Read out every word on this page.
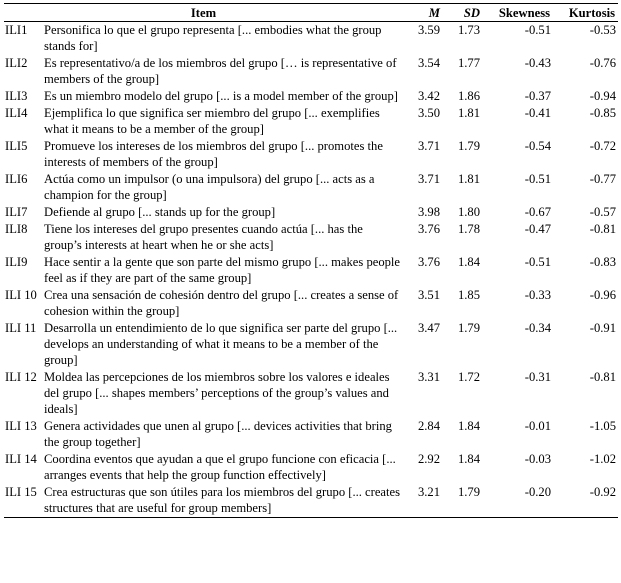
Item		M	SD	Skewness	Kurtosis
ILI1	Personifica lo que el grupo representa [... embodies what the group stands for]	3.59	1.73	-0.51	-0.53
ILI2	Es representativo/a de los miembros del grupo [… is representative of members of the group]	3.54	1.77	-0.43	-0.76
ILI3	Es un miembro modelo del grupo [... is a model member of the group]	3.42	1.86	-0.37	-0.94
ILI4	Ejemplifica lo que significa ser miembro del grupo [... exemplifies what it means to be a member of the group]	3.50	1.81	-0.41	-0.85
ILI5	Promueve los intereses de los miembros del grupo [... promotes the interests of members of the group]	3.71	1.79	-0.54	-0.72
ILI6	Actúa como un impulsor (o una impulsora) del grupo [... acts as a champion for the group]	3.71	1.81	-0.51	-0.77
ILI7	Defiende al grupo [... stands up for the group]	3.98	1.80	-0.67	-0.57
ILI8	Tiene los intereses del grupo presentes cuando actúa [... has the group’s interests at heart when he or she acts]	3.76	1.78	-0.47	-0.81
ILI9	Hace sentir a la gente que son parte del mismo grupo [... makes people feel as if they are part of the same group]	3.76	1.84	-0.51	-0.83
ILI 10	Crea una sensación de cohesión dentro del grupo [... creates a sense of cohesion within the group]	3.51	1.85	-0.33	-0.96
ILI 11	Desarrolla un entendimiento de lo que significa ser parte del grupo [... develops an understanding of what it means to be a member of the group]	3.47	1.79	-0.34	-0.91
ILI 12	Moldea las percepciones de los miembros sobre los valores e ideales del grupo [... shapes members’ perceptions of the group’s values and ideals]	3.31	1.72	-0.31	-0.81
ILI 13	Genera actividades que unen al grupo [... devices activities that bring the group together]	2.84	1.84	-0.01	-1.05
ILI 14	Coordina eventos que ayudan a que el grupo funcione con eficacia [... arranges events that help the group function effectively]	2.92	1.84	-0.03	-1.02
ILI 15	Crea estructuras que son útiles para los miembros del grupo [... creates structures that are useful for group members]	3.21	1.79	-0.20	-0.92
